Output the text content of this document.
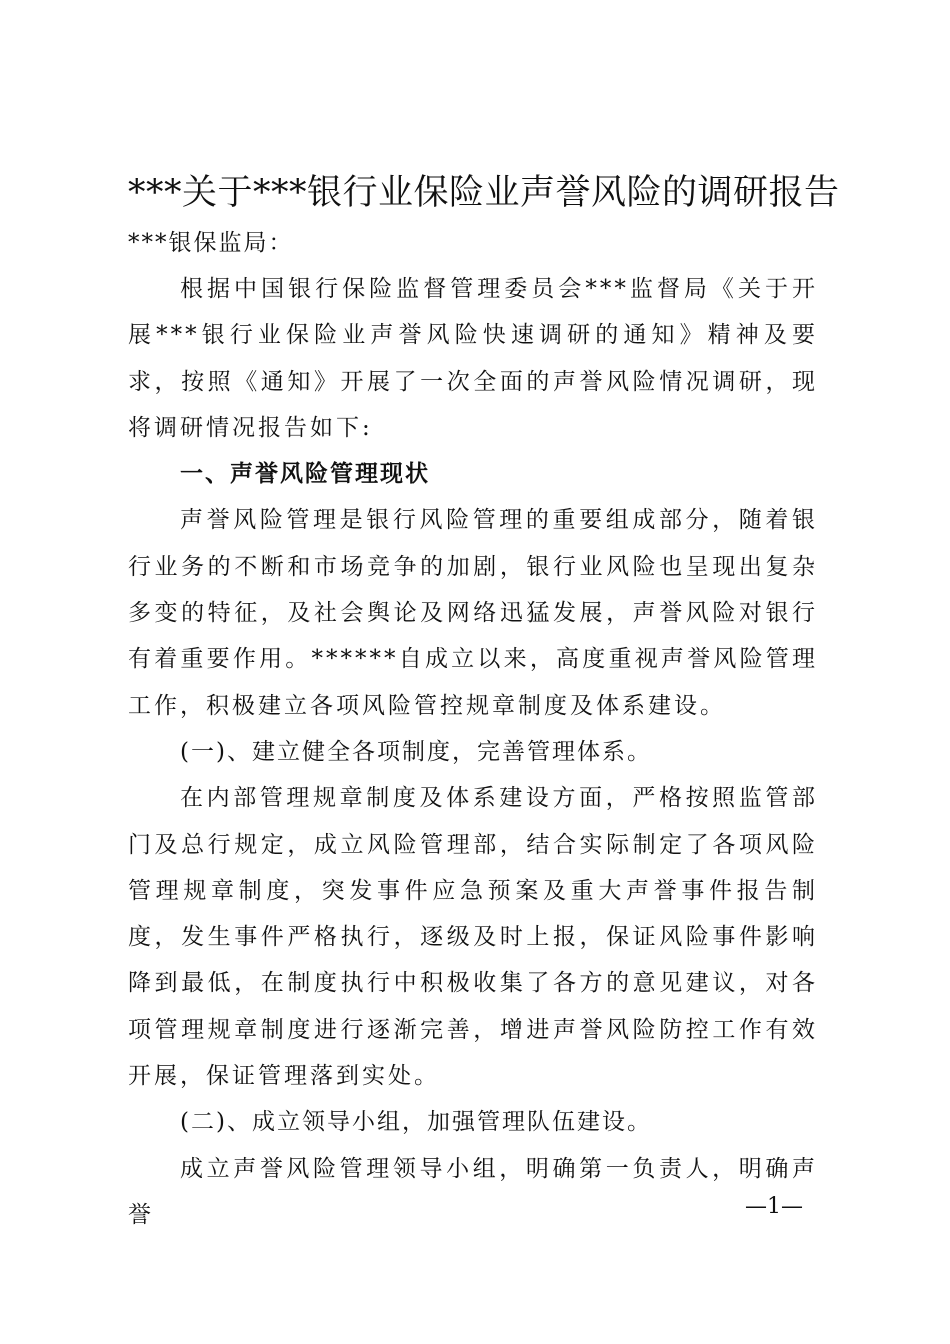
***关于***银行业保险业声誉风险的调研报告
***银保监局：

根据中国银行保险监督管理委员会***监督局《关于开展***银行业保险业声誉风险快速调研的通知》精神及要求，按照《通知》开展了一次全面的声誉风险情况调研，现将调研情况报告如下:

一、声誉风险管理现状

声誉风险管理是银行风险管理的重要组成部分，随着银行业务的不断和市场竞争的加剧，银行业风险也呈现出复杂多变的特征，及社会舆论及网络迅猛发展，声誉风险对银行有着重要作用。******自成立以来，高度重视声誉风险管理工作，积极建立各项风险管控规章制度及体系建设。

(一)、建立健全各项制度，完善管理体系。

在内部管理规章制度及体系建设方面，严格按照监管部门及总行规定，成立风险管理部，结合实际制定了各项风险管理规章制度，突发事件应急预案及重大声誉事件报告制度，发生事件严格执行，逐级及时上报，保证风险事件影响降到最低，在制度执行中积极收集了各方的意见建议，对各项管理规章制度进行逐渐完善，增进声誉风险防控工作有效开展，保证管理落到实处。

(二)、成立领导小组，加强管理队伍建设。

成立声誉风险管理领导小组，明确第一负责人，明确声誉	—1—
